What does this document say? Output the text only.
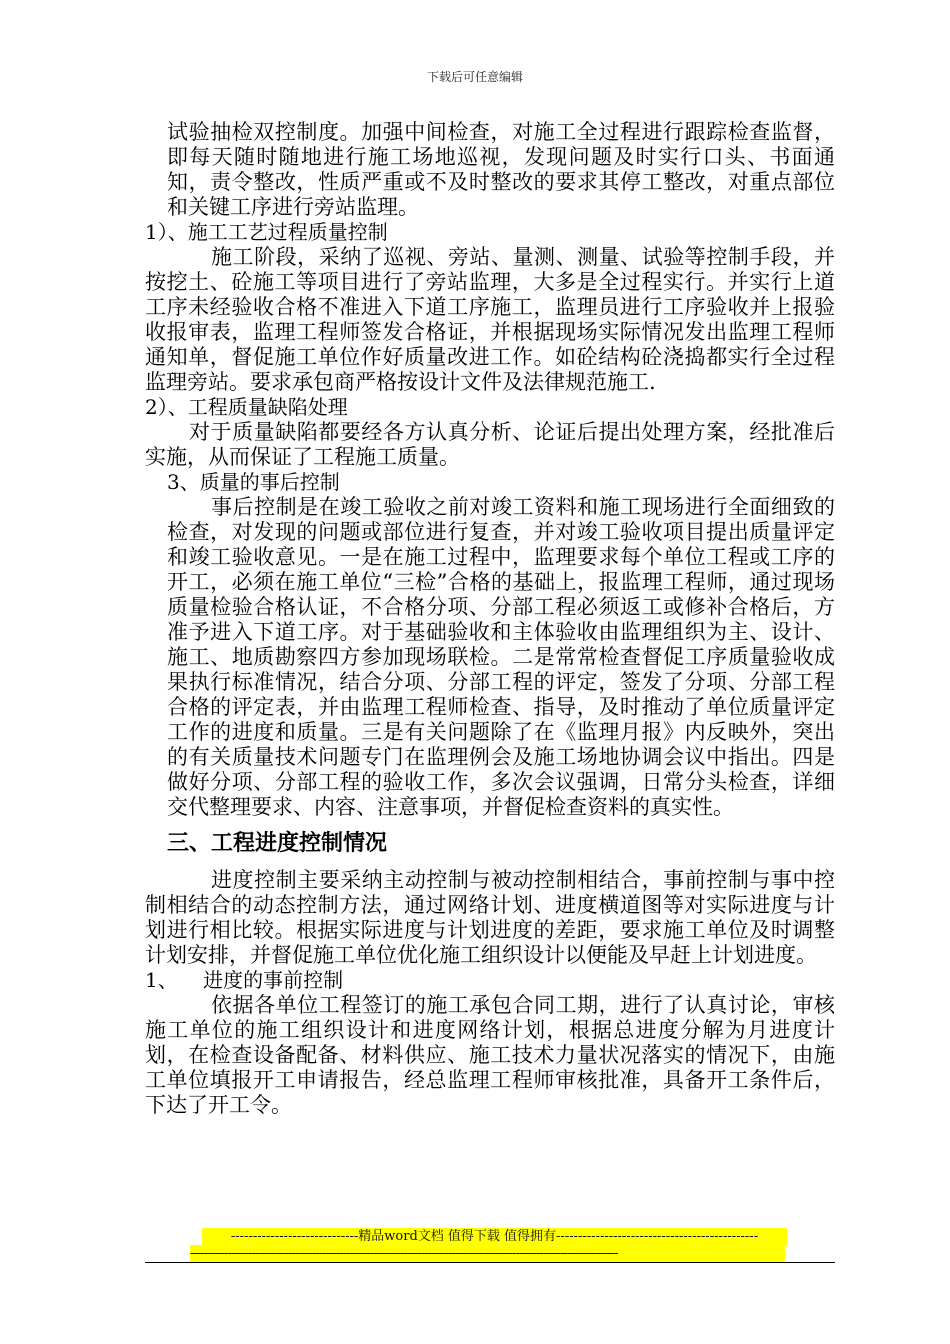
下载后可任意编辑

试验抽检双控制度。加强中间检查，对施工全过程进行跟踪检查监督，即每天随时随地进行施工场地巡视，发现问题及时实行口头、书面通知，责令整改，性质严重或不及时整改的要求其停工整改，对重点部位和关键工序进行旁站监理。

1）、施工工艺过程质量控制

施工阶段，采纳了巡视、旁站、量测、测量、试验等控制手段，并按挖土、砼施工等项目进行了旁站监理，大多是全过程实行。并实行上道工序未经验收合格不准进入下道工序施工，监理员进行工序验收并上报验收报审表，监理工程师签发合格证，并根据现场实际情况发出监理工程师通知单，督促施工单位作好质量改进工作。如砼结构砼浇捣都实行全过程监理旁站。要求承包商严格按设计文件及法律规范施工.

2）、工程质量缺陷处理

对于质量缺陷都要经各方认真分析、论证后提出处理方案，经批准后实施，从而保证了工程施工质量。

3、质量的事后控制

事后控制是在竣工验收之前对竣工资料和施工现场进行全面细致的检查，对发现的问题或部位进行复查，并对竣工验收项目提出质量评定和竣工验收意见。一是在施工过程中，监理要求每个单位工程或工序的开工，必须在施工单位“三检”合格的基础上，报监理工程师，通过现场质量检验合格认证，不合格分项、分部工程必须返工或修补合格后，方准予进入下道工序。对于基础验收和主体验收由监理组织为主、设计、施工、地质勘察四方参加现场联检。二是常常检查督促工序质量验收成果执行标准情况，结合分项、分部工程的评定，签发了分项、分部工程合格的评定表，并由监理工程师检查、指导，及时推动了单位质量评定工作的进度和质量。三是有关问题除了在《监理月报》内反映外，突出的有关质量技术问题专门在监理例会及施工场地协调会议中指出。四是做好分项、分部工程的验收工作，多次会议强调，日常分头检查，详细交代整理要求、内容、注意事项，并督促检查资料的真实性。

三、工程进度控制情况

进度控制主要采纳主动控制与被动控制相结合，事前控制与事中控制相结合的动态控制方法，通过网络计划、进度横道图等对实际进度与计划进行相比较。根据实际进度与计划进度的差距，要求施工单位及时调整计划安排，并督促施工单位优化施工组织设计以便能及早赶上计划进度。

1、    进度的事前控制

依据各单位工程签订的施工承包合同工期，进行了认真讨论，审核施工单位的施工组织设计和进度网络计划，根据总进度分解为月进度计划，在检查设备配备、材料供应、施工技术力量状况落实的情况下，由施工单位填报开工申请报告，经总监理工程师审核批准，具备开工条件后，下达了开工令。

-----------------------------精品word文档 值得下载 值得拥有----------------------------------------------
------------------------------------------------------------------------------------------------------------------------------
